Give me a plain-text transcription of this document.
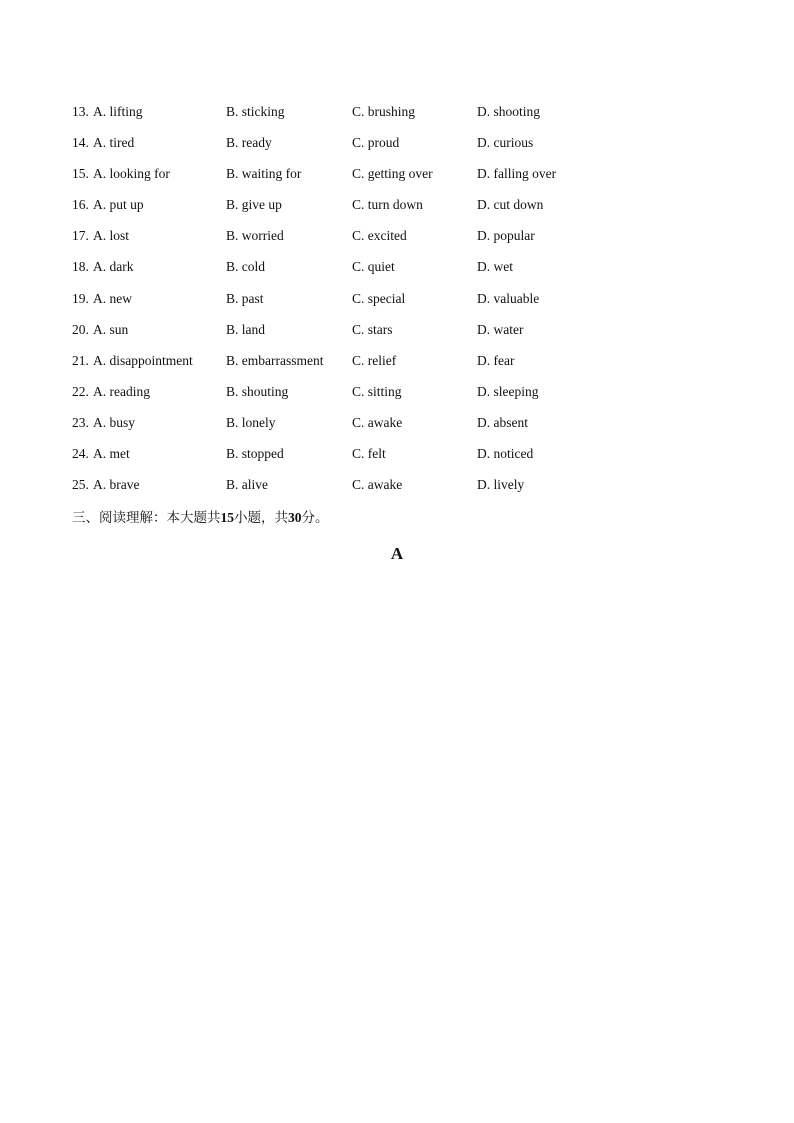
13. A. lifting	B. sticking	C. brushing	D. shooting
14. A. tired	B. ready	C. proud	D. curious
15. A. looking for	B. waiting for	C. getting over	D. falling over
16. A. put up	B. give up	C. turn down	D. cut down
17. A. lost	B. worried	C. excited	D. popular
18. A. dark	B. cold	C. quiet	D. wet
19. A. new	B. past	C. special	D. valuable
20. A. sun	B. land	C. stars	D. water
21. A. disappointment B. embarrassment C. relief	D. fear
22. A. reading	B. shouting	C. sitting	D. sleeping
23. A. busy	B. lonely	C. awake	D. absent
24. A. met	B. stopped	C. felt	D. noticed
25. A. brave	B. alive	C. awake	D. lively
三、阅读理解：本大题共15小题，共30分。
A
